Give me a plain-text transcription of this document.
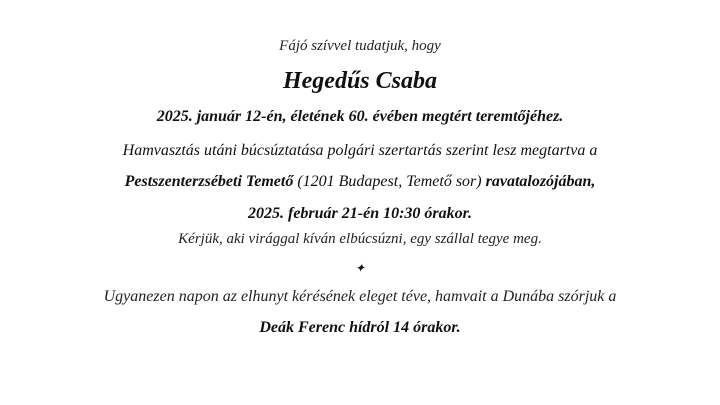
Fájó szívvel tudatjuk, hogy
Hegedűs Csaba
2025. január 12-én, életének 60. évében megtért teremtőjéhez.
Hamvasztás utáni búcsúztatása polgári szertartás szerint lesz megtartva a
Pestszenterzsébeti Temető (1201 Budapest, Temető sor) ravatalozójában,
2025. február 21-én 10:30 órakor.
Kérjük, aki virággal kíván elbúcsúzni, egy szállal tegye meg.
✦
Ugyanezen napon az elhunyt kérésének eleget téve, hamvait a Dunába szórjuk a
Deák Ferenc hídról 14 órakor.
